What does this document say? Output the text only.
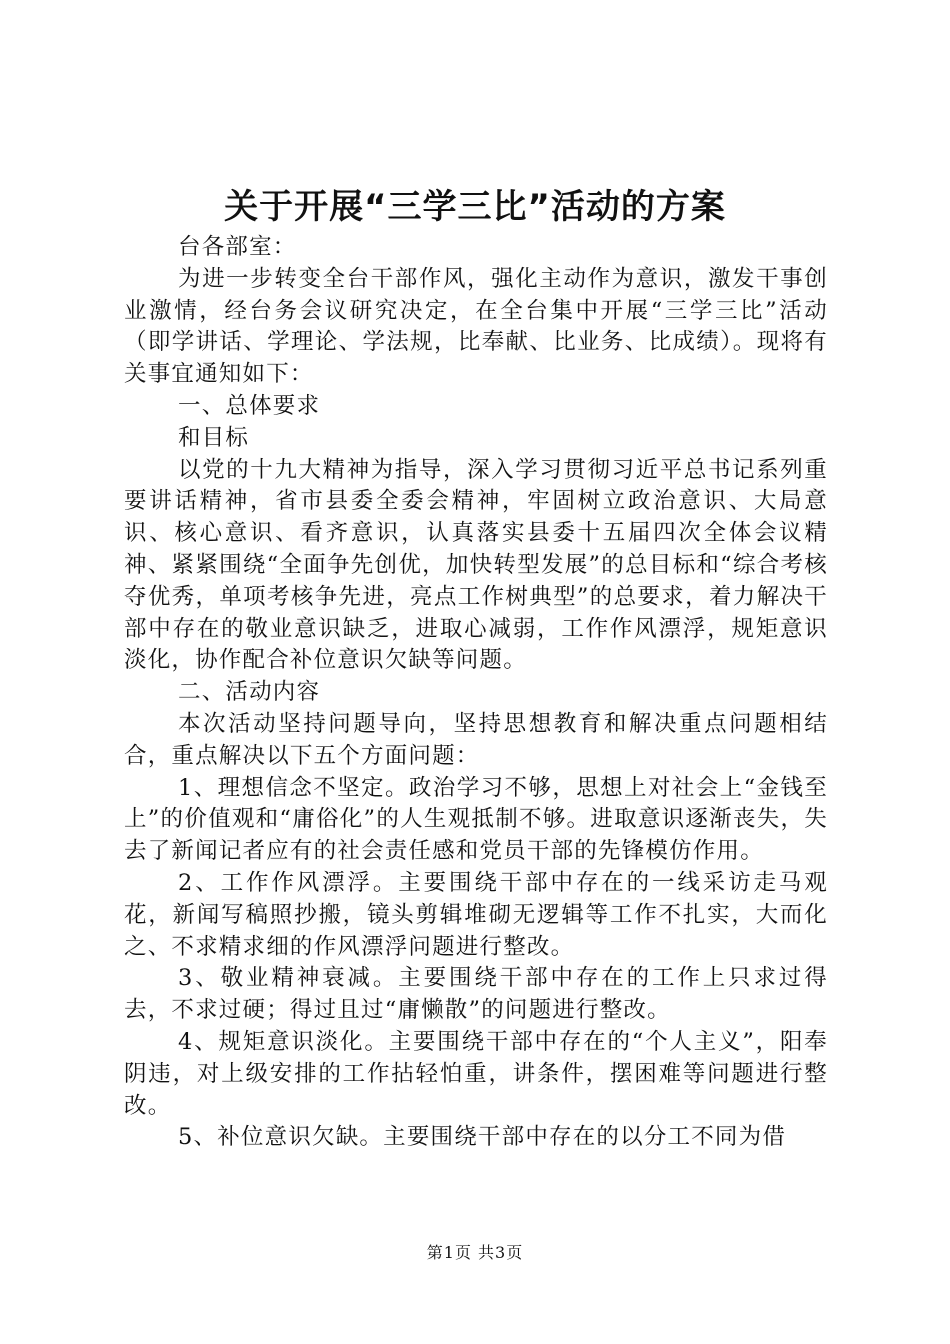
关于开展“三学三比”活动的方案

台各部室：

为进一步转变全台干部作风，强化主动作为意识，激发干事创业激情，经台务会议研究决定，在全台集中开展“三学三比”活动（即学讲话、学理论、学法规，比奉献、比业务、比成绩）。现将有关事宜通知如下：

一、总体要求

和目标

以党的十九大精神为指导，深入学习贯彻习近平总书记系列重要讲话精神，省市县委全委会精神，牢固树立政治意识、大局意识、核心意识、看齐意识，认真落实县委十五届四次全体会议精神、紧紧围绕“全面争先创优，加快转型发展”的总目标和“综合考核夺优秀，单项考核争先进，亮点工作树典型”的总要求，着力解决干部中存在的敬业意识缺乏，进取心减弱，工作作风漂浮，规矩意识淡化，协作配合补位意识欠缺等问题。

二、活动内容

本次活动坚持问题导向，坚持思想教育和解决重点问题相结合，重点解决以下五个方面问题：

1、理想信念不坚定。政治学习不够，思想上对社会上“金钱至上”的价值观和“庸俗化”的人生观抵制不够。进取意识逐渐丧失，失去了新闻记者应有的社会责任感和党员干部的先锋模仿作用。

2、工作作风漂浮。主要围绕干部中存在的一线采访走马观花，新闻写稿照抄搬，镜头剪辑堆砌无逻辑等工作不扎实，大而化之、不求精求细的作风漂浮问题进行整改。

3、敬业精神衰减。主要围绕干部中存在的工作上只求过得去，不求过硬；得过且过“庸懒散”的问题进行整改。

4、规矩意识淡化。主要围绕干部中存在的“个人主义”，阳奉阴违，对上级安排的工作拈轻怕重，讲条件，摆困难等问题进行整改。

5、补位意识欠缺。主要围绕干部中存在的以分工不同为借

第1页 共3页
